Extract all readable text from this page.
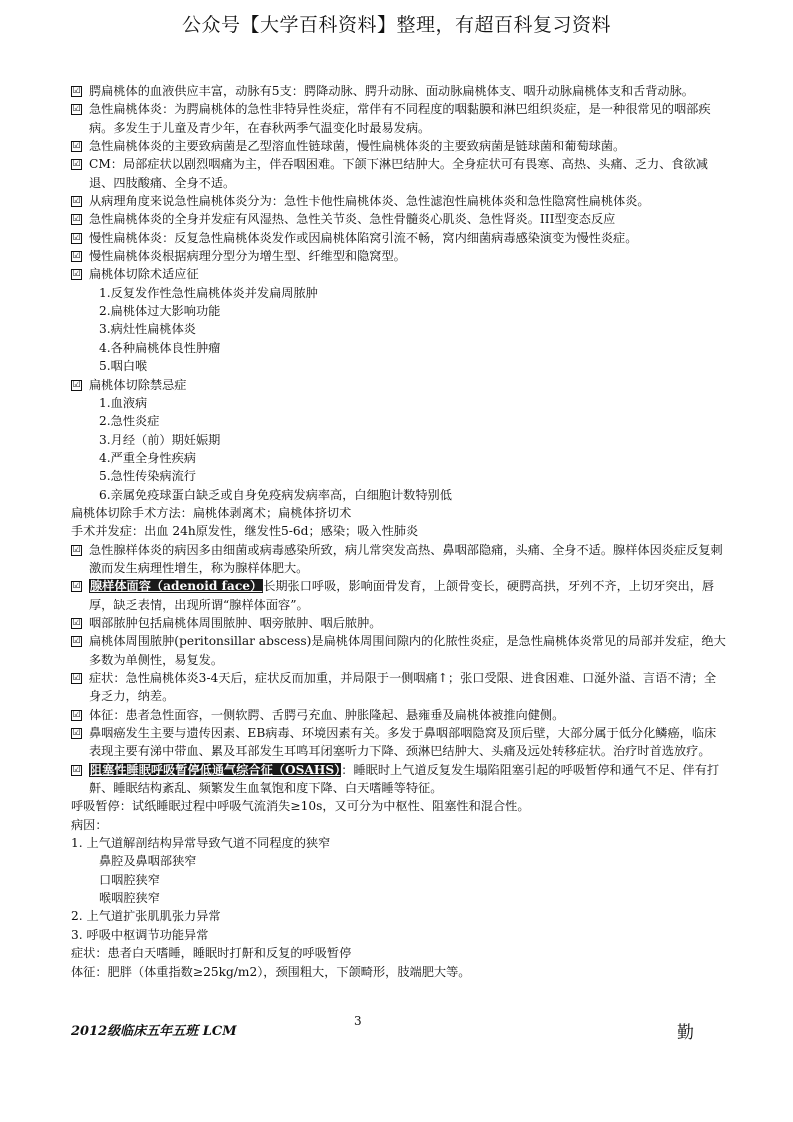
公众号【大学百科资料】整理，有超百科复习资料
☑ 腭扁桃体的血液供应丰富，动脉有5支：腭降动脉、腭升动脉、面动脉扁桃体支、咽升动脉扁桃体支和舌背动脉。
☑ 急性扁桃体炎：为腭扁桃体的急性非特异性炎症，常伴有不同程度的咽黏膜和淋巴组织炎症，是一种很常见的咽部疾病。多发生于儿童及青少年，在春秋两季气温变化时最易发病。
☑ 急性扁桃体炎的主要致病菌是乙型溶血性链球菌，慢性扁桃体炎的主要致病菌是链球菌和葡萄球菌。
☑ CM：局部症状以剧烈咽痛为主，伴吞咽困难。下颌下淋巴结肿大。全身症状可有畏寒、高热、头痛、乏力、食欲减退、四肢酸痛、全身不适。
☑ 从病理角度来说急性扁桃体炎分为：急性卡他性扁桃体炎、急性滤泡性扁桃体炎和急性隐窝性扁桃体炎。
☑ 急性扁桃体炎的全身并发症有风湿热、急性关节炎、急性骨髓炎心肌炎、急性肾炎。III型变态反应
☑ 慢性扁桃体炎：反复急性扁桃体炎发作或因扁桃体陷窝引流不畅，窝内细菌病毒感染演变为慢性炎症。
☑ 慢性扁桃体炎根据病理分型分为增生型、纤维型和隐窝型。
☑ 扁桃体切除术适应征
1.反复发作性急性扁桃体炎并发扁周脓肿
2.扁桃体过大影响功能
3.病灶性扁桃体炎
4.各种扁桃体良性肿瘤
5.咽白喉
☑ 扁桃体切除禁忌症
1.血液病
2.急性炎症
3.月经（前）期妊娠期
4.严重全身性疾病
5.急性传染病流行
6.亲属免疫球蛋白缺乏或自身免疫病发病率高，白细胞计数特别低
扁桃体切除手术方法：扁桃体剥离术；扁桃体挤切术
手术并发症：出血 24h原发性，继发性5-6d；感染；吸入性肺炎
☑ 急性腺样体炎的病因多由细菌或病毒感染所致，病儿常突发高热、鼻咽部隐痛，头痛、全身不适。腺样体因炎症反复刺激而发生病理性增生，称为腺样体肥大。
☑ 腺样体面容（adenoid face）长期张口呼吸，影响面骨发育，上颌骨变长，硬腭高拱，牙列不齐，上切牙突出，唇厚，缺乏表情，出现所谓“腺样体面容”。
☑ 咽部脓肿包括扁桃体周围脓肿、咽旁脓肿、咽后脓肿。
☑ 扁桃体周围脓肿(peritonsillar abscess)是扁桃体周围间隙内的化脓性炎症，是急性扁桃体炎常见的局部并发症，绝大多数为单侧性，易复发。
☑ 症状：急性扁桃体炎3-4天后，症状反而加重，并局限于一侧咽痛↑；张口受限、进食困难、口涎外溢、言语不清；全身乏力，纳差。
☑ 体征：患者急性面容，一侧软腭、舌腭弓充血、肿胀隆起、悬雍垂及扁桃体被推向健侧。
☑ 鼻咽癌发生主要与遗传因素、EB病毒、环境因素有关。多发于鼻咽部咽隐窝及顶后壁，大部分属于低分化鳞癌，临床表现主要有涕中带血、累及耳部发生耳鸣耳闭塞听力下降、颈淋巴结肿大、头痛及远处转移症状。治疗时首选放疗。
☑ 阻塞性睡眠呼吸暂停低通气综合征（OSAHS）：睡眠时上气道反复发生塌陷阻塞引起的呼吸暂停和通气不足、伴有打鼾、睡眠结构紊乱、频繁发生血氧饱和度下降、白天嗜睡等特征。
呼吸暂停：试纸睡眠过程中呼吸气流消失≥10s，又可分为中枢性、阻塞性和混合性。
病因：
1. 上气道解剖结构异常导致气道不同程度的狭窄
鼻腔及鼻咽部狭窄
口咽腔狭窄
喉咽腔狭窄
2. 上气道扩张肌肌张力异常
3. 呼吸中枢调节功能异常
症状：患者白天嗜睡，睡眠时打鼾和反复的呼吸暂停
体征：肥胖（体重指数≥25kg/m2），颈围粗大，下颌畸形，肢端肥大等。
2012级临床五年五班 LCM
3
勤
